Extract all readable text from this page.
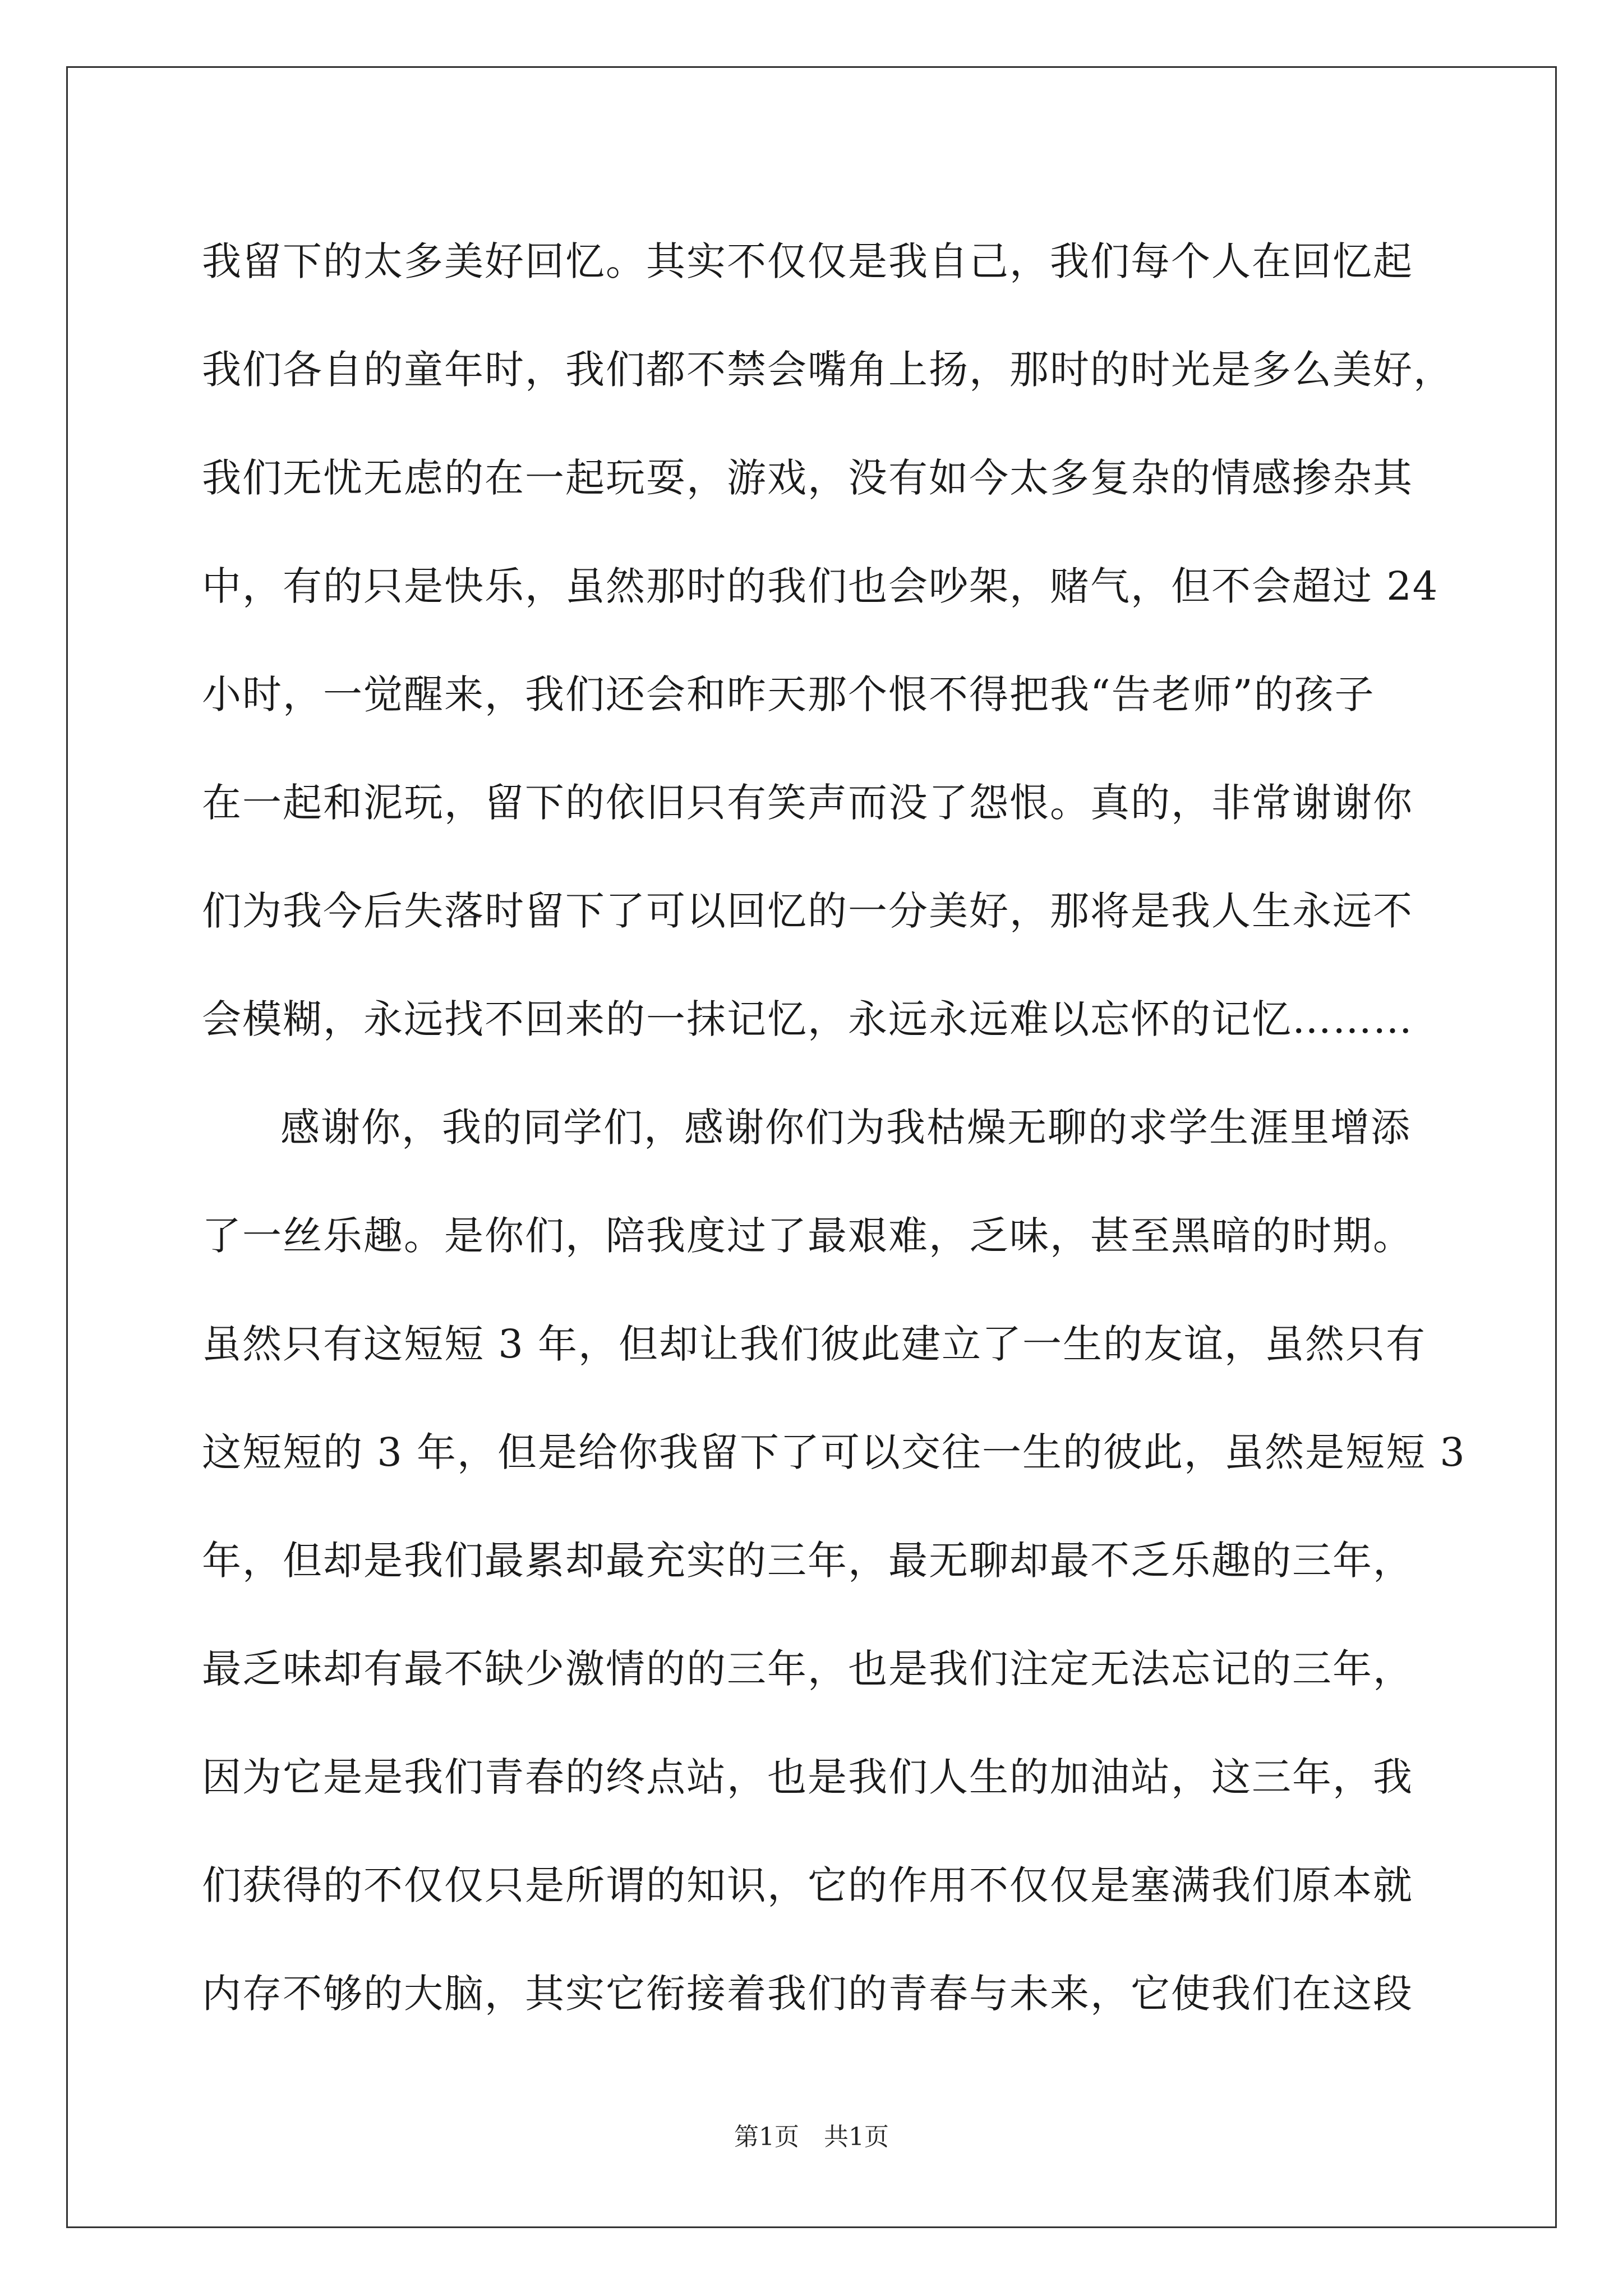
我留下的太多美好回忆。其实不仅仅是我自己，我们每个人在回忆起
我们各自的童年时，我们都不禁会嘴角上扬，那时的时光是多么美好，
我们无忧无虑的在一起玩耍，游戏，没有如今太多复杂的情感掺杂其
中，有的只是快乐，虽然那时的我们也会吵架，赌气，但不会超过 24
小时，一觉醒来，我们还会和昨天那个恨不得把我“告老师”的孩子
在一起和泥玩，留下的依旧只有笑声而没了怨恨。真的，非常谢谢你
们为我今后失落时留下了可以回忆的一分美好，那将是我人生永远不
会模糊，永远找不回来的一抹记忆，永远永远难以忘怀的记忆………
感谢你，我的同学们，感谢你们为我枯燥无聊的求学生涯里增添
了一丝乐趣。是你们，陪我度过了最艰难，乏味，甚至黑暗的时期。
虽然只有这短短 3 年，但却让我们彼此建立了一生的友谊，虽然只有
这短短的 3 年，但是给你我留下了可以交往一生的彼此，虽然是短短 3
年，但却是我们最累却最充实的三年，最无聊却最不乏乐趣的三年，
最乏味却有最不缺少激情的的三年，也是我们注定无法忘记的三年，
因为它是是我们青春的终点站，也是我们人生的加油站，这三年，我
们获得的不仅仅只是所谓的知识，它的作用不仅仅是塞满我们原本就
内存不够的大脑，其实它衔接着我们的青春与未来，它使我们在这段
第1页 共1页
